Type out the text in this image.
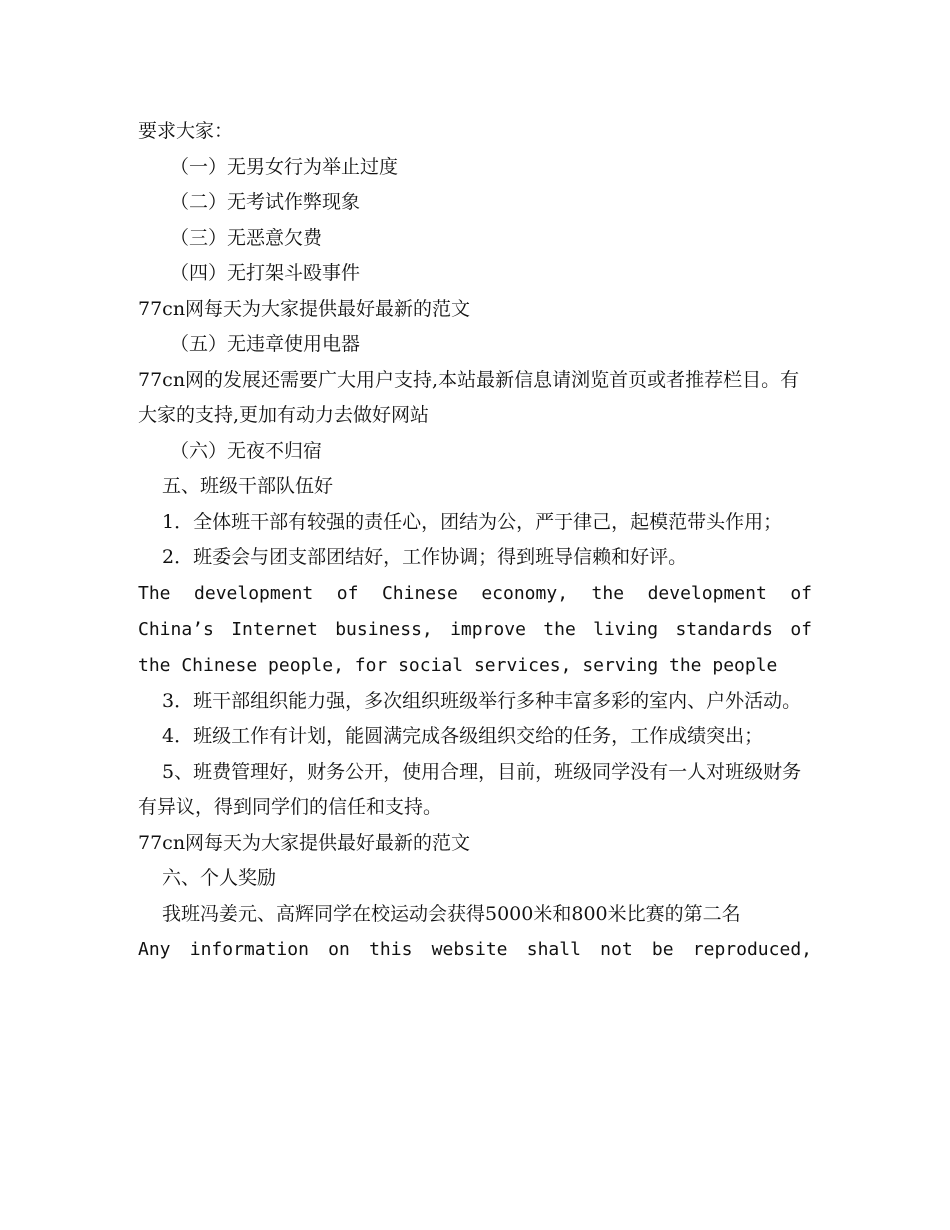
要求大家：

（一）无男女行为举止过度

（二）无考试作弊现象

（三）无恶意欠费

（四）无打架斗殴事件

77cn网每天为大家提供最好最新的范文

（五）无违章使用电器

77cn网的发展还需要广大用户支持,本站最新信息请浏览首页或者推荐栏目。有大家的支持,更加有动力去做好网站

（六）无夜不归宿

五、班级干部队伍好

1．全体班干部有较强的责任心，团结为公，严于律己，起模范带头作用；

2．班委会与团支部团结好，工作协调；得到班导信赖和好评。

The development of Chinese economy, the development of

China’s Internet business, improve the living standards of

the Chinese people, for social services, serving the people

3．班干部组织能力强，多次组织班级举行多种丰富多彩的室内、户外活动。

4．班级工作有计划，能圆满完成各级组织交给的任务，工作成绩突出；

5、班费管理好，财务公开，使用合理，目前，班级同学没有一人对班级财务有异议，得到同学们的信任和支持。

77cn网每天为大家提供最好最新的范文

六、个人奖励

我班冯姜元、高辉同学在校运动会获得5000米和800米比赛的第二名

Any information on this website shall not be reproduced,
